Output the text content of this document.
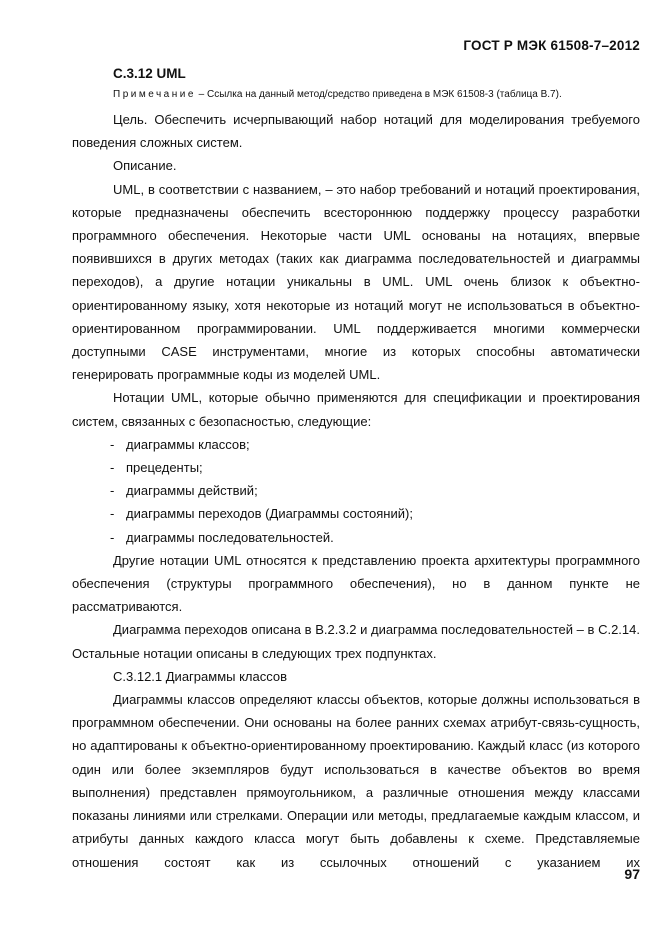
ГОСТ Р МЭК 61508-7–2012
C.3.12 UML
Примечание – Ссылка на данный метод/средство приведена в МЭК 61508-3 (таблица B.7).

Цель. Обеспечить исчерпывающий набор нотаций для моделирования требуемого поведения сложных систем.

Описание.

UML, в соответствии с названием, – это набор требований и нотаций проектирования, которые предназначены обеспечить всестороннюю поддержку процессу разработки программного обеспечения. Некоторые части UML основаны на нотациях, впервые появившихся в других методах (таких как диаграмма последовательностей и диаграммы переходов), а другие нотации уникальны в UML. UML очень близок к объектно-ориентированному языку, хотя некоторые из нотаций могут не использоваться в объектно-ориентированном программировании. UML поддерживается многими коммерчески доступными CASE инструментами, многие из которых способны автоматически генерировать программные коды из моделей UML.

Нотации UML, которые обычно применяются для спецификации и проектирования систем, связанных с безопасностью, следующие:

- диаграммы классов;
- прецеденты;
- диаграммы действий;
- диаграммы переходов (Диаграммы состояний);
- диаграммы последовательностей.

Другие нотации UML относятся к представлению проекта архитектуры программного обеспечения (структуры программного обеспечения), но в данном пункте не рассматриваются.

Диаграмма переходов описана в B.2.3.2 и диаграмма последовательностей – в C.2.14. Остальные нотации описаны в следующих трех подпунктах.

C.3.12.1 Диаграммы классов

Диаграммы классов определяют классы объектов, которые должны использоваться в программном обеспечении. Они основаны на более ранних схемах атрибут-связь-сущность, но адаптированы к объектно-ориентированному проектированию. Каждый класс (из которого один или более экземпляров будут использоваться в качестве объектов во время выполнения) представлен прямоугольником, а различные отношения между классами показаны линиями или стрелками. Операции или методы, предлагаемые каждым классом, и атрибуты данных каждого класса могут быть добавлены к схеме. Представляемые отношения состоят как из ссылочных отношений с указанием их

97
